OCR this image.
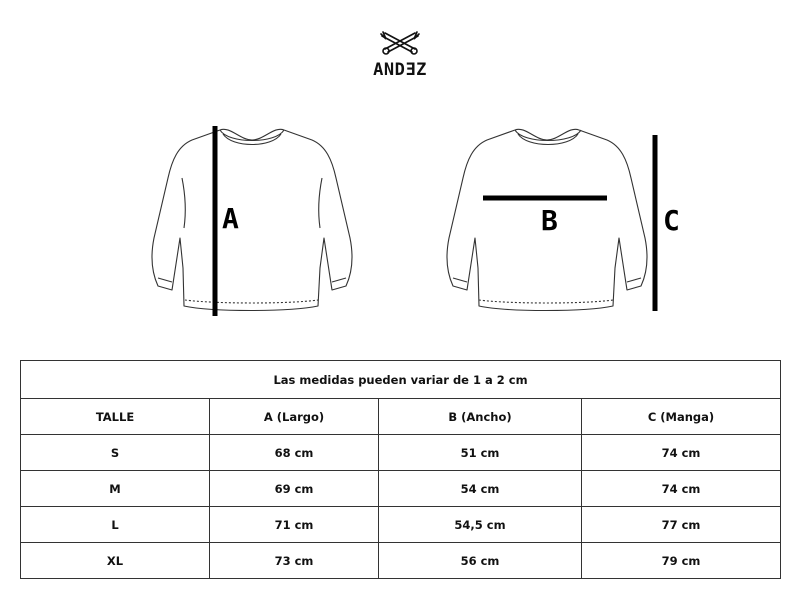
ANDƎZ
A	B	C
Las medidas pueden variar de 1 a 2 cm			
TALLE	A (Largo)	B (Ancho)	C (Manga)
S	68 cm	51 cm	74 cm
M	69 cm	54 cm	74 cm
L	71 cm	54,5 cm	77 cm
XL	73 cm	56 cm	79 cm
